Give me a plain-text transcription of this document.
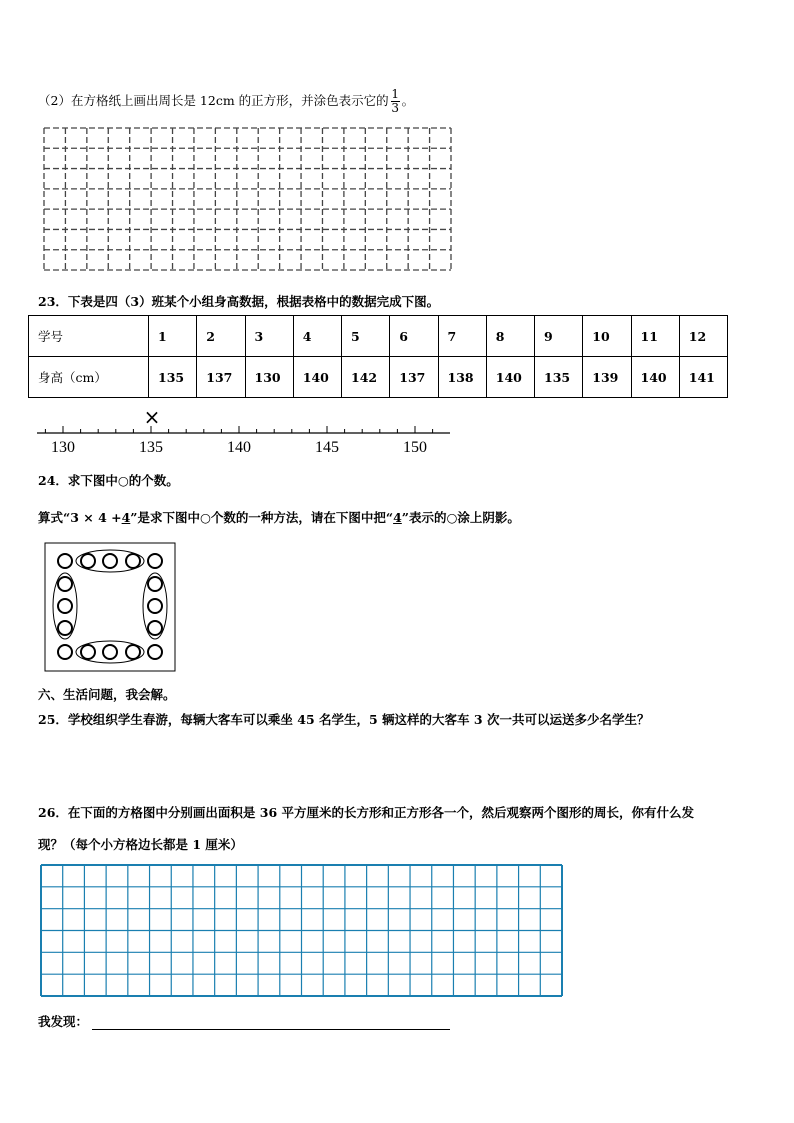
（2）在方格纸上画出周长是 12cm 的正方形，并涂色表示它的 $\frac{1}{3}$ 。
23．下表是四（3）班某个小组身高数据，根据表格中的数据完成下图。
学号	1	2	3	4	5	6	7	8	9	10	11	12
身高（cm）	135	137	130	140	142	137	138	140	135	139	140	141
130	135	140	145	150
×
24．求下图中○的个数。
算式“3 × 4 +4”是求下图中○个数的一种方法，请在下图中把“4”表示的○涂上阴影。
六、生活问题，我会解。
25．学校组织学生春游，每辆大客车可以乘坐 45 名学生，5 辆这样的大客车 3 次一共可以运送多少名学生？
26．在下面的方格图中分别画出面积是 36 平方厘米的长方形和正方形各一个，然后观察两个图形的周长，你有什么发
现？（每个小方格边长都是 1 厘米）
我发现：
